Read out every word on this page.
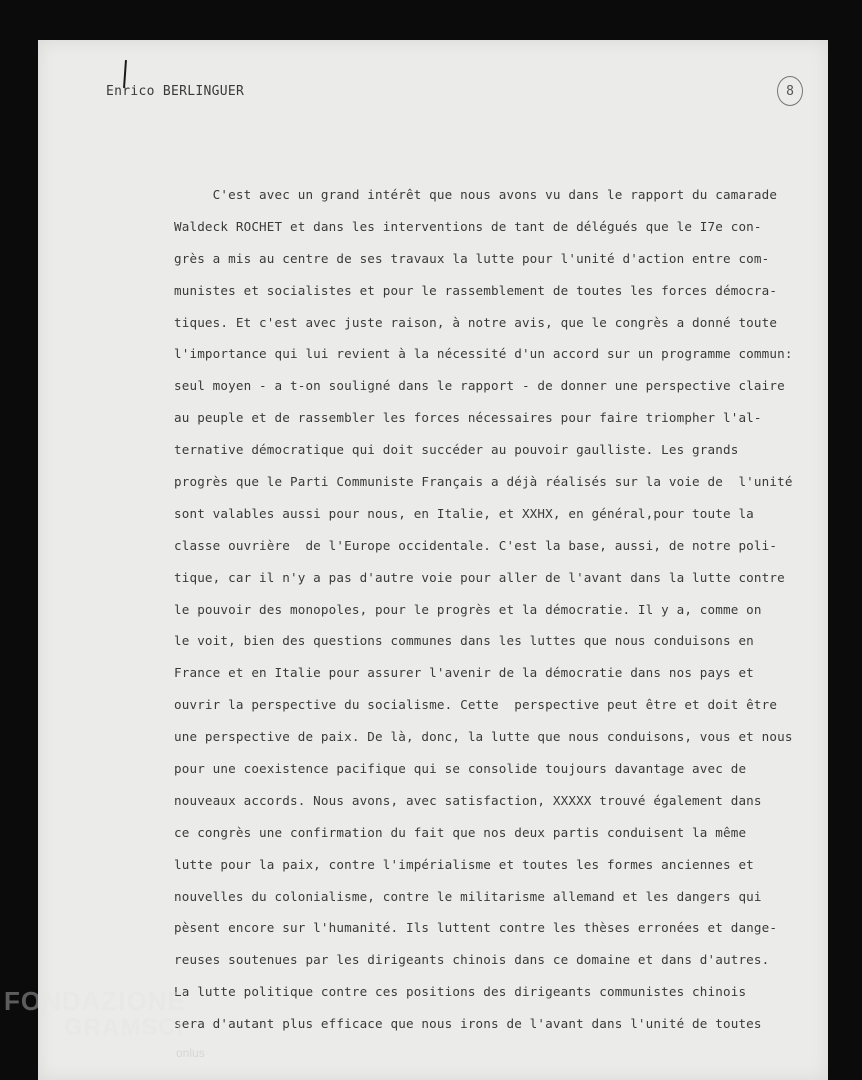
Enrico BERLINGUER	8
C'est avec un grand intérêt que nous avons vu dans le rapport du camarade
Waldeck ROCHET et dans les interventions de tant de délégués que le I7e con-
grès a mis au centre de ses travaux la lutte pour l'unité d'action entre com-
munistes et socialistes et pour le rassemblement de toutes les forces démocra-
tiques. Et c'est avec juste raison, à notre avis, que le congrès a donné toute
l'importance qui lui revient à la nécessité d'un accord sur un programme commun:
seul moyen - a t-on souligné dans le rapport - de donner une perspective claire
au peuple et de rassembler les forces nécessaires pour faire triompher l'al-
ternative démocratique qui doit succéder au pouvoir gaulliste. Les grands
progrès que le Parti Communiste Français a déjà réalisés sur la voie de  l'unité
sont valables aussi pour nous, en Italie, et XXHX, en général,pour toute la
classe ouvrière  de l'Europe occidentale. C'est la base, aussi, de notre poli-
tique, car il n'y a pas d'autre voie pour aller de l'avant dans la lutte contre
le pouvoir des monopoles, pour le progrès et la démocratie. Il y a, comme on
le voit, bien des questions communes dans les luttes que nous conduisons en
France et en Italie pour assurer l'avenir de la démocratie dans nos pays et
ouvrir la perspective du socialisme. Cette  perspective peut être et doit être
une perspective de paix. De là, donc, la lutte que nous conduisons, vous et nous
pour une coexistence pacifique qui se consolide toujours davantage avec de
nouveaux accords. Nous avons, avec satisfaction, XXXXX trouvé également dans
ce congrès une confirmation du fait que nos deux partis conduisent la même
lutte pour la paix, contre l'impérialisme et toutes les formes anciennes et
nouvelles du colonialisme, contre le militarisme allemand et les dangers qui
pèsent encore sur l'humanité. Ils luttent contre les thèses erronées et dange-
reuses soutenues par les dirigeants chinois dans ce domaine et dans d'autres.
La lutte politique contre ces positions des dirigeants communistes chinois
sera d'autant plus efficace que nous irons de l'avant dans l'unité de toutes
FONDAZIONE
GRAMSCI
onlus
